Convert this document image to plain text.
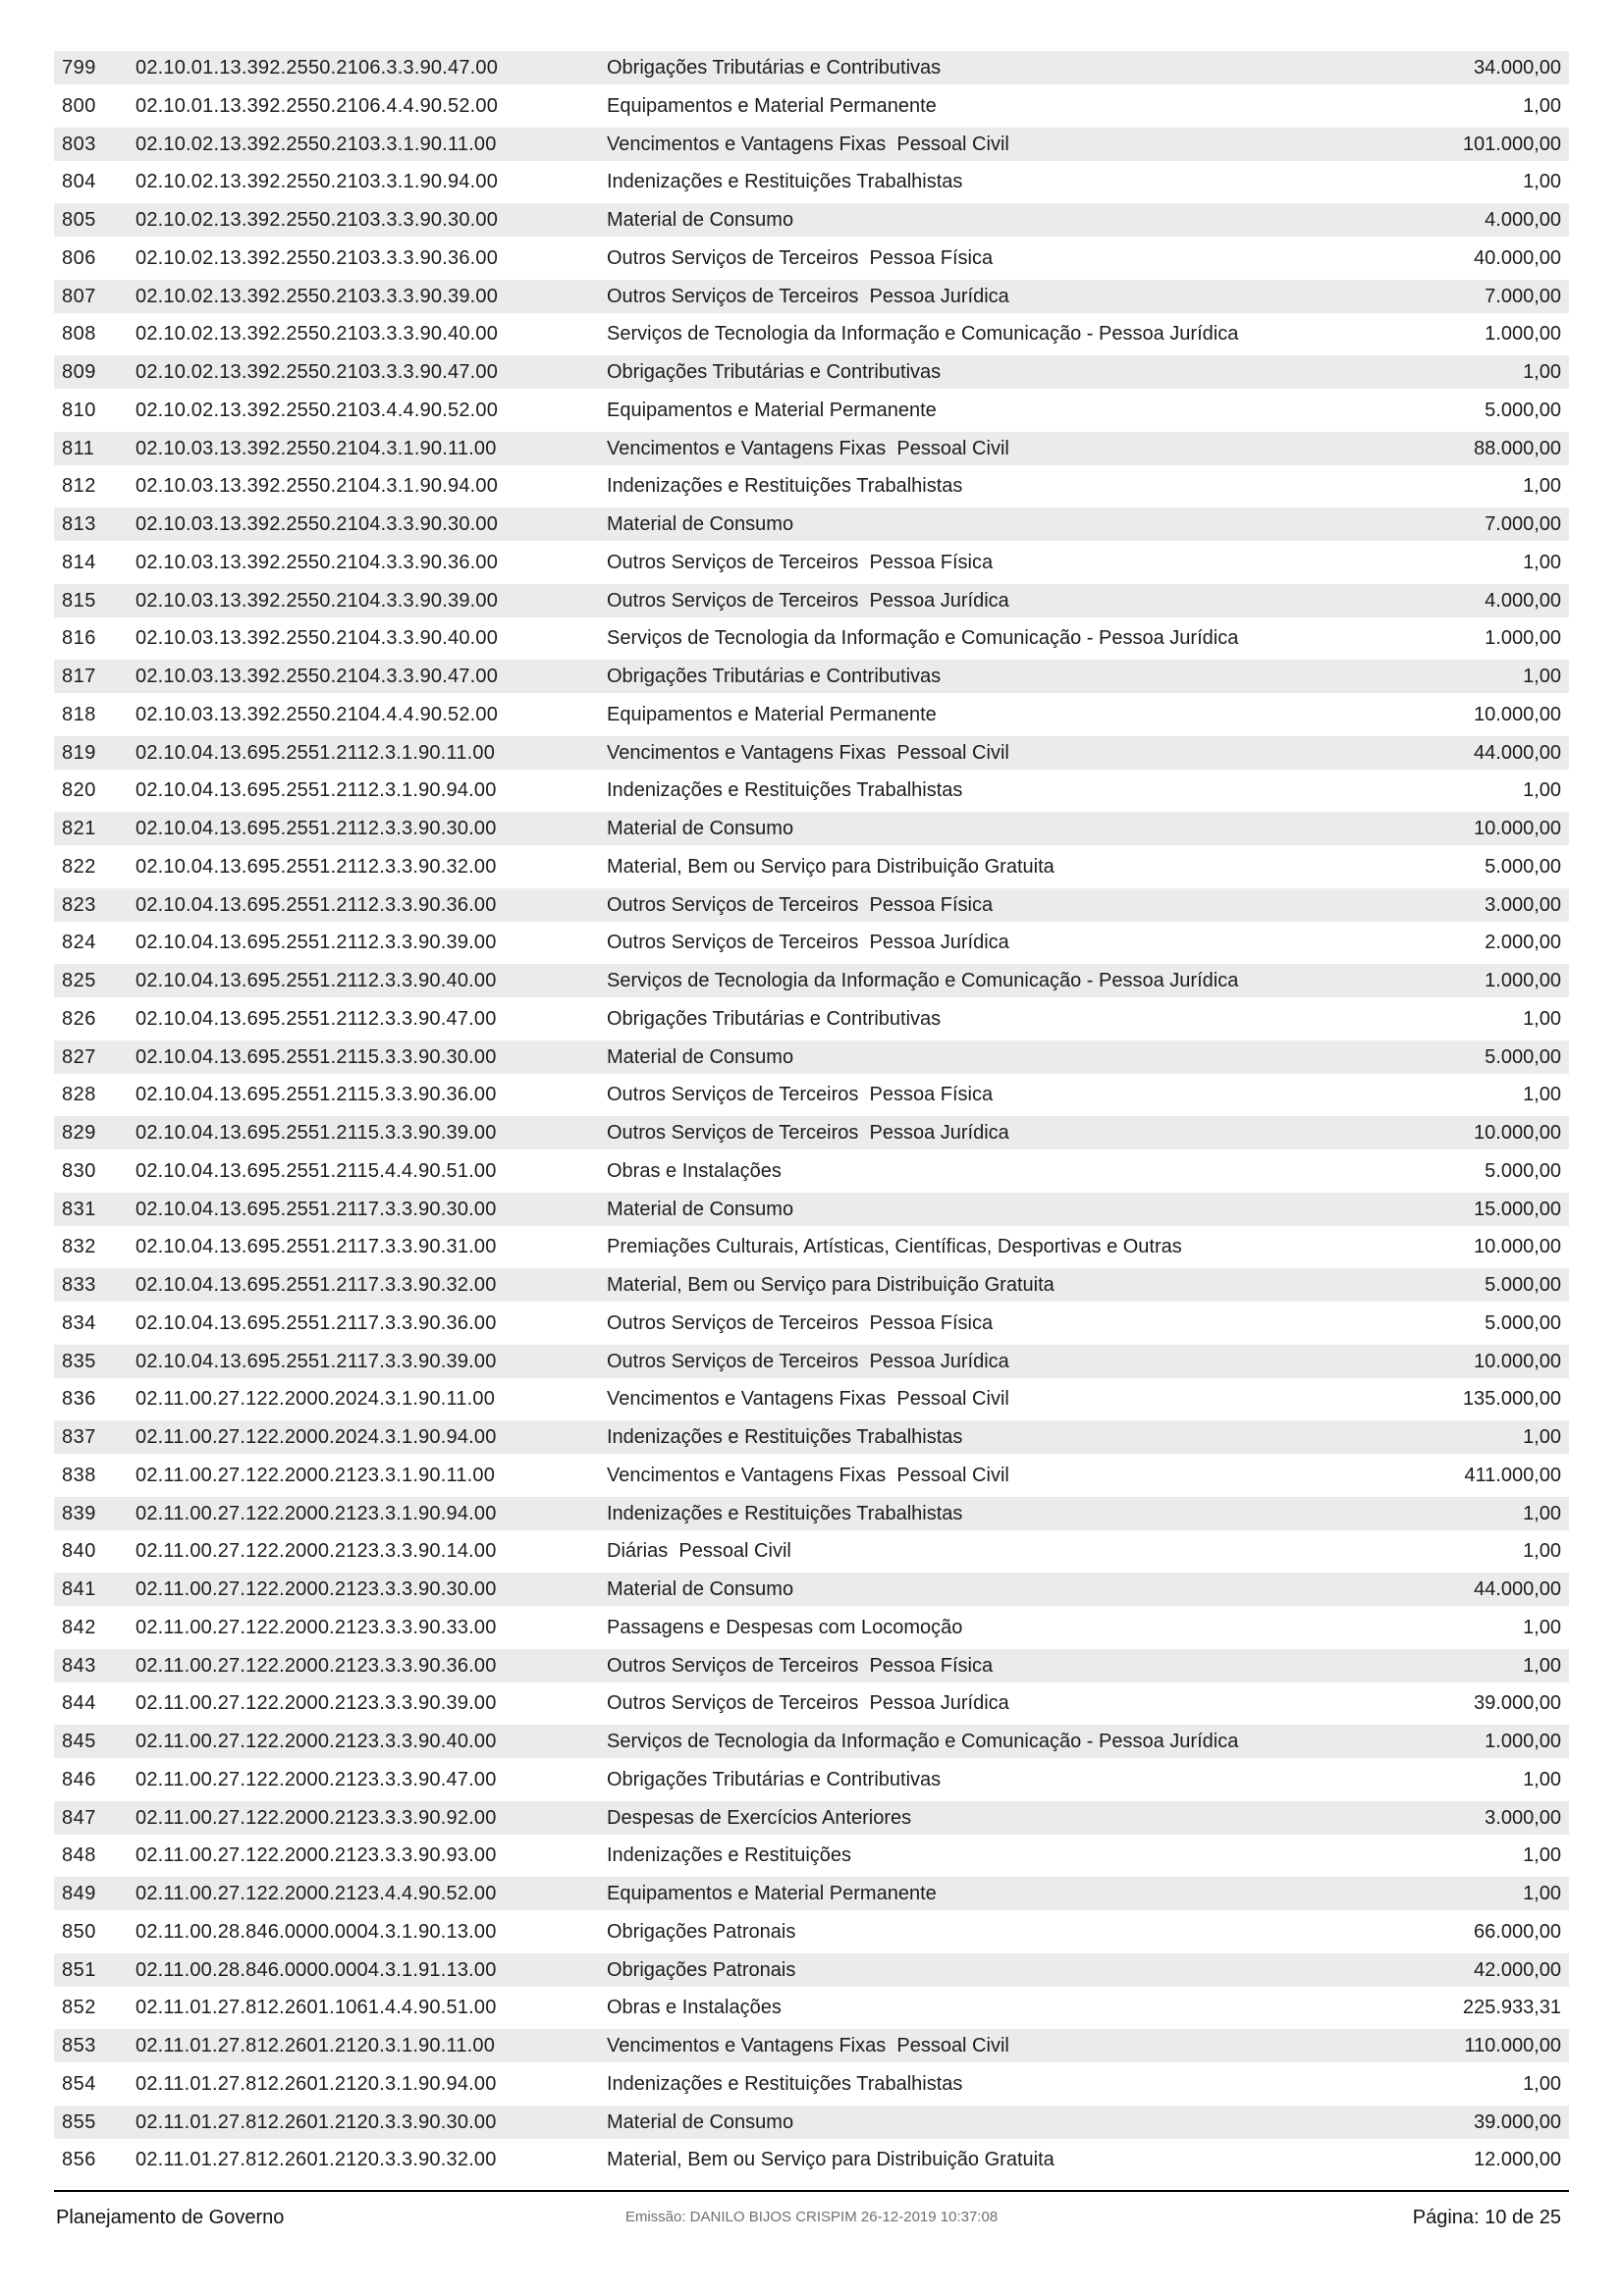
799	02.10.01.13.392.2550.2106.3.3.90.47.00	Obrigações Tributárias e Contributivas	34.000,00
800	02.10.01.13.392.2550.2106.4.4.90.52.00	Equipamentos e Material Permanente	1,00
803	02.10.02.13.392.2550.2103.3.1.90.11.00	Vencimentos e Vantagens Fixas  Pessoal Civil	101.000,00
804	02.10.02.13.392.2550.2103.3.1.90.94.00	Indenizações e Restituições Trabalhistas	1,00
805	02.10.02.13.392.2550.2103.3.3.90.30.00	Material de Consumo	4.000,00
806	02.10.02.13.392.2550.2103.3.3.90.36.00	Outros Serviços de Terceiros  Pessoa Física	40.000,00
807	02.10.02.13.392.2550.2103.3.3.90.39.00	Outros Serviços de Terceiros  Pessoa Jurídica	7.000,00
808	02.10.02.13.392.2550.2103.3.3.90.40.00	Serviços de Tecnologia da Informação e Comunicação - Pessoa Jurídica	1.000,00
809	02.10.02.13.392.2550.2103.3.3.90.47.00	Obrigações Tributárias e Contributivas	1,00
810	02.10.02.13.392.2550.2103.4.4.90.52.00	Equipamentos e Material Permanente	5.000,00
811	02.10.03.13.392.2550.2104.3.1.90.11.00	Vencimentos e Vantagens Fixas  Pessoal Civil	88.000,00
812	02.10.03.13.392.2550.2104.3.1.90.94.00	Indenizações e Restituições Trabalhistas	1,00
813	02.10.03.13.392.2550.2104.3.3.90.30.00	Material de Consumo	7.000,00
814	02.10.03.13.392.2550.2104.3.3.90.36.00	Outros Serviços de Terceiros  Pessoa Física	1,00
815	02.10.03.13.392.2550.2104.3.3.90.39.00	Outros Serviços de Terceiros  Pessoa Jurídica	4.000,00
816	02.10.03.13.392.2550.2104.3.3.90.40.00	Serviços de Tecnologia da Informação e Comunicação - Pessoa Jurídica	1.000,00
817	02.10.03.13.392.2550.2104.3.3.90.47.00	Obrigações Tributárias e Contributivas	1,00
818	02.10.03.13.392.2550.2104.4.4.90.52.00	Equipamentos e Material Permanente	10.000,00
819	02.10.04.13.695.2551.2112.3.1.90.11.00	Vencimentos e Vantagens Fixas  Pessoal Civil	44.000,00
820	02.10.04.13.695.2551.2112.3.1.90.94.00	Indenizações e Restituições Trabalhistas	1,00
821	02.10.04.13.695.2551.2112.3.3.90.30.00	Material de Consumo	10.000,00
822	02.10.04.13.695.2551.2112.3.3.90.32.00	Material, Bem ou Serviço para Distribuição Gratuita	5.000,00
823	02.10.04.13.695.2551.2112.3.3.90.36.00	Outros Serviços de Terceiros  Pessoa Física	3.000,00
824	02.10.04.13.695.2551.2112.3.3.90.39.00	Outros Serviços de Terceiros  Pessoa Jurídica	2.000,00
825	02.10.04.13.695.2551.2112.3.3.90.40.00	Serviços de Tecnologia da Informação e Comunicação - Pessoa Jurídica	1.000,00
826	02.10.04.13.695.2551.2112.3.3.90.47.00	Obrigações Tributárias e Contributivas	1,00
827	02.10.04.13.695.2551.2115.3.3.90.30.00	Material de Consumo	5.000,00
828	02.10.04.13.695.2551.2115.3.3.90.36.00	Outros Serviços de Terceiros  Pessoa Física	1,00
829	02.10.04.13.695.2551.2115.3.3.90.39.00	Outros Serviços de Terceiros  Pessoa Jurídica	10.000,00
830	02.10.04.13.695.2551.2115.4.4.90.51.00	Obras e Instalações	5.000,00
831	02.10.04.13.695.2551.2117.3.3.90.30.00	Material de Consumo	15.000,00
832	02.10.04.13.695.2551.2117.3.3.90.31.00	Premiações Culturais, Artísticas, Científicas, Desportivas e Outras	10.000,00
833	02.10.04.13.695.2551.2117.3.3.90.32.00	Material, Bem ou Serviço para Distribuição Gratuita	5.000,00
834	02.10.04.13.695.2551.2117.3.3.90.36.00	Outros Serviços de Terceiros  Pessoa Física	5.000,00
835	02.10.04.13.695.2551.2117.3.3.90.39.00	Outros Serviços de Terceiros  Pessoa Jurídica	10.000,00
836	02.11.00.27.122.2000.2024.3.1.90.11.00	Vencimentos e Vantagens Fixas  Pessoal Civil	135.000,00
837	02.11.00.27.122.2000.2024.3.1.90.94.00	Indenizações e Restituições Trabalhistas	1,00
838	02.11.00.27.122.2000.2123.3.1.90.11.00	Vencimentos e Vantagens Fixas  Pessoal Civil	411.000,00
839	02.11.00.27.122.2000.2123.3.1.90.94.00	Indenizações e Restituições Trabalhistas	1,00
840	02.11.00.27.122.2000.2123.3.3.90.14.00	Diárias  Pessoal Civil	1,00
841	02.11.00.27.122.2000.2123.3.3.90.30.00	Material de Consumo	44.000,00
842	02.11.00.27.122.2000.2123.3.3.90.33.00	Passagens e Despesas com Locomoção	1,00
843	02.11.00.27.122.2000.2123.3.3.90.36.00	Outros Serviços de Terceiros  Pessoa Física	1,00
844	02.11.00.27.122.2000.2123.3.3.90.39.00	Outros Serviços de Terceiros  Pessoa Jurídica	39.000,00
845	02.11.00.27.122.2000.2123.3.3.90.40.00	Serviços de Tecnologia da Informação e Comunicação - Pessoa Jurídica	1.000,00
846	02.11.00.27.122.2000.2123.3.3.90.47.00	Obrigações Tributárias e Contributivas	1,00
847	02.11.00.27.122.2000.2123.3.3.90.92.00	Despesas de Exercícios Anteriores	3.000,00
848	02.11.00.27.122.2000.2123.3.3.90.93.00	Indenizações e Restituições	1,00
849	02.11.00.27.122.2000.2123.4.4.90.52.00	Equipamentos e Material Permanente	1,00
850	02.11.00.28.846.0000.0004.3.1.90.13.00	Obrigações Patronais	66.000,00
851	02.11.00.28.846.0000.0004.3.1.91.13.00	Obrigações Patronais	42.000,00
852	02.11.01.27.812.2601.1061.4.4.90.51.00	Obras e Instalações	225.933,31
853	02.11.01.27.812.2601.2120.3.1.90.11.00	Vencimentos e Vantagens Fixas  Pessoal Civil	110.000,00
854	02.11.01.27.812.2601.2120.3.1.90.94.00	Indenizações e Restituições Trabalhistas	1,00
855	02.11.01.27.812.2601.2120.3.3.90.30.00	Material de Consumo	39.000,00
856	02.11.01.27.812.2601.2120.3.3.90.32.00	Material, Bem ou Serviço para Distribuição Gratuita	12.000,00
Planejamento de Governo	Emissão: DANILO BIJOS CRISPIM 26-12-2019 10:37:08	Página: 10 de 25
